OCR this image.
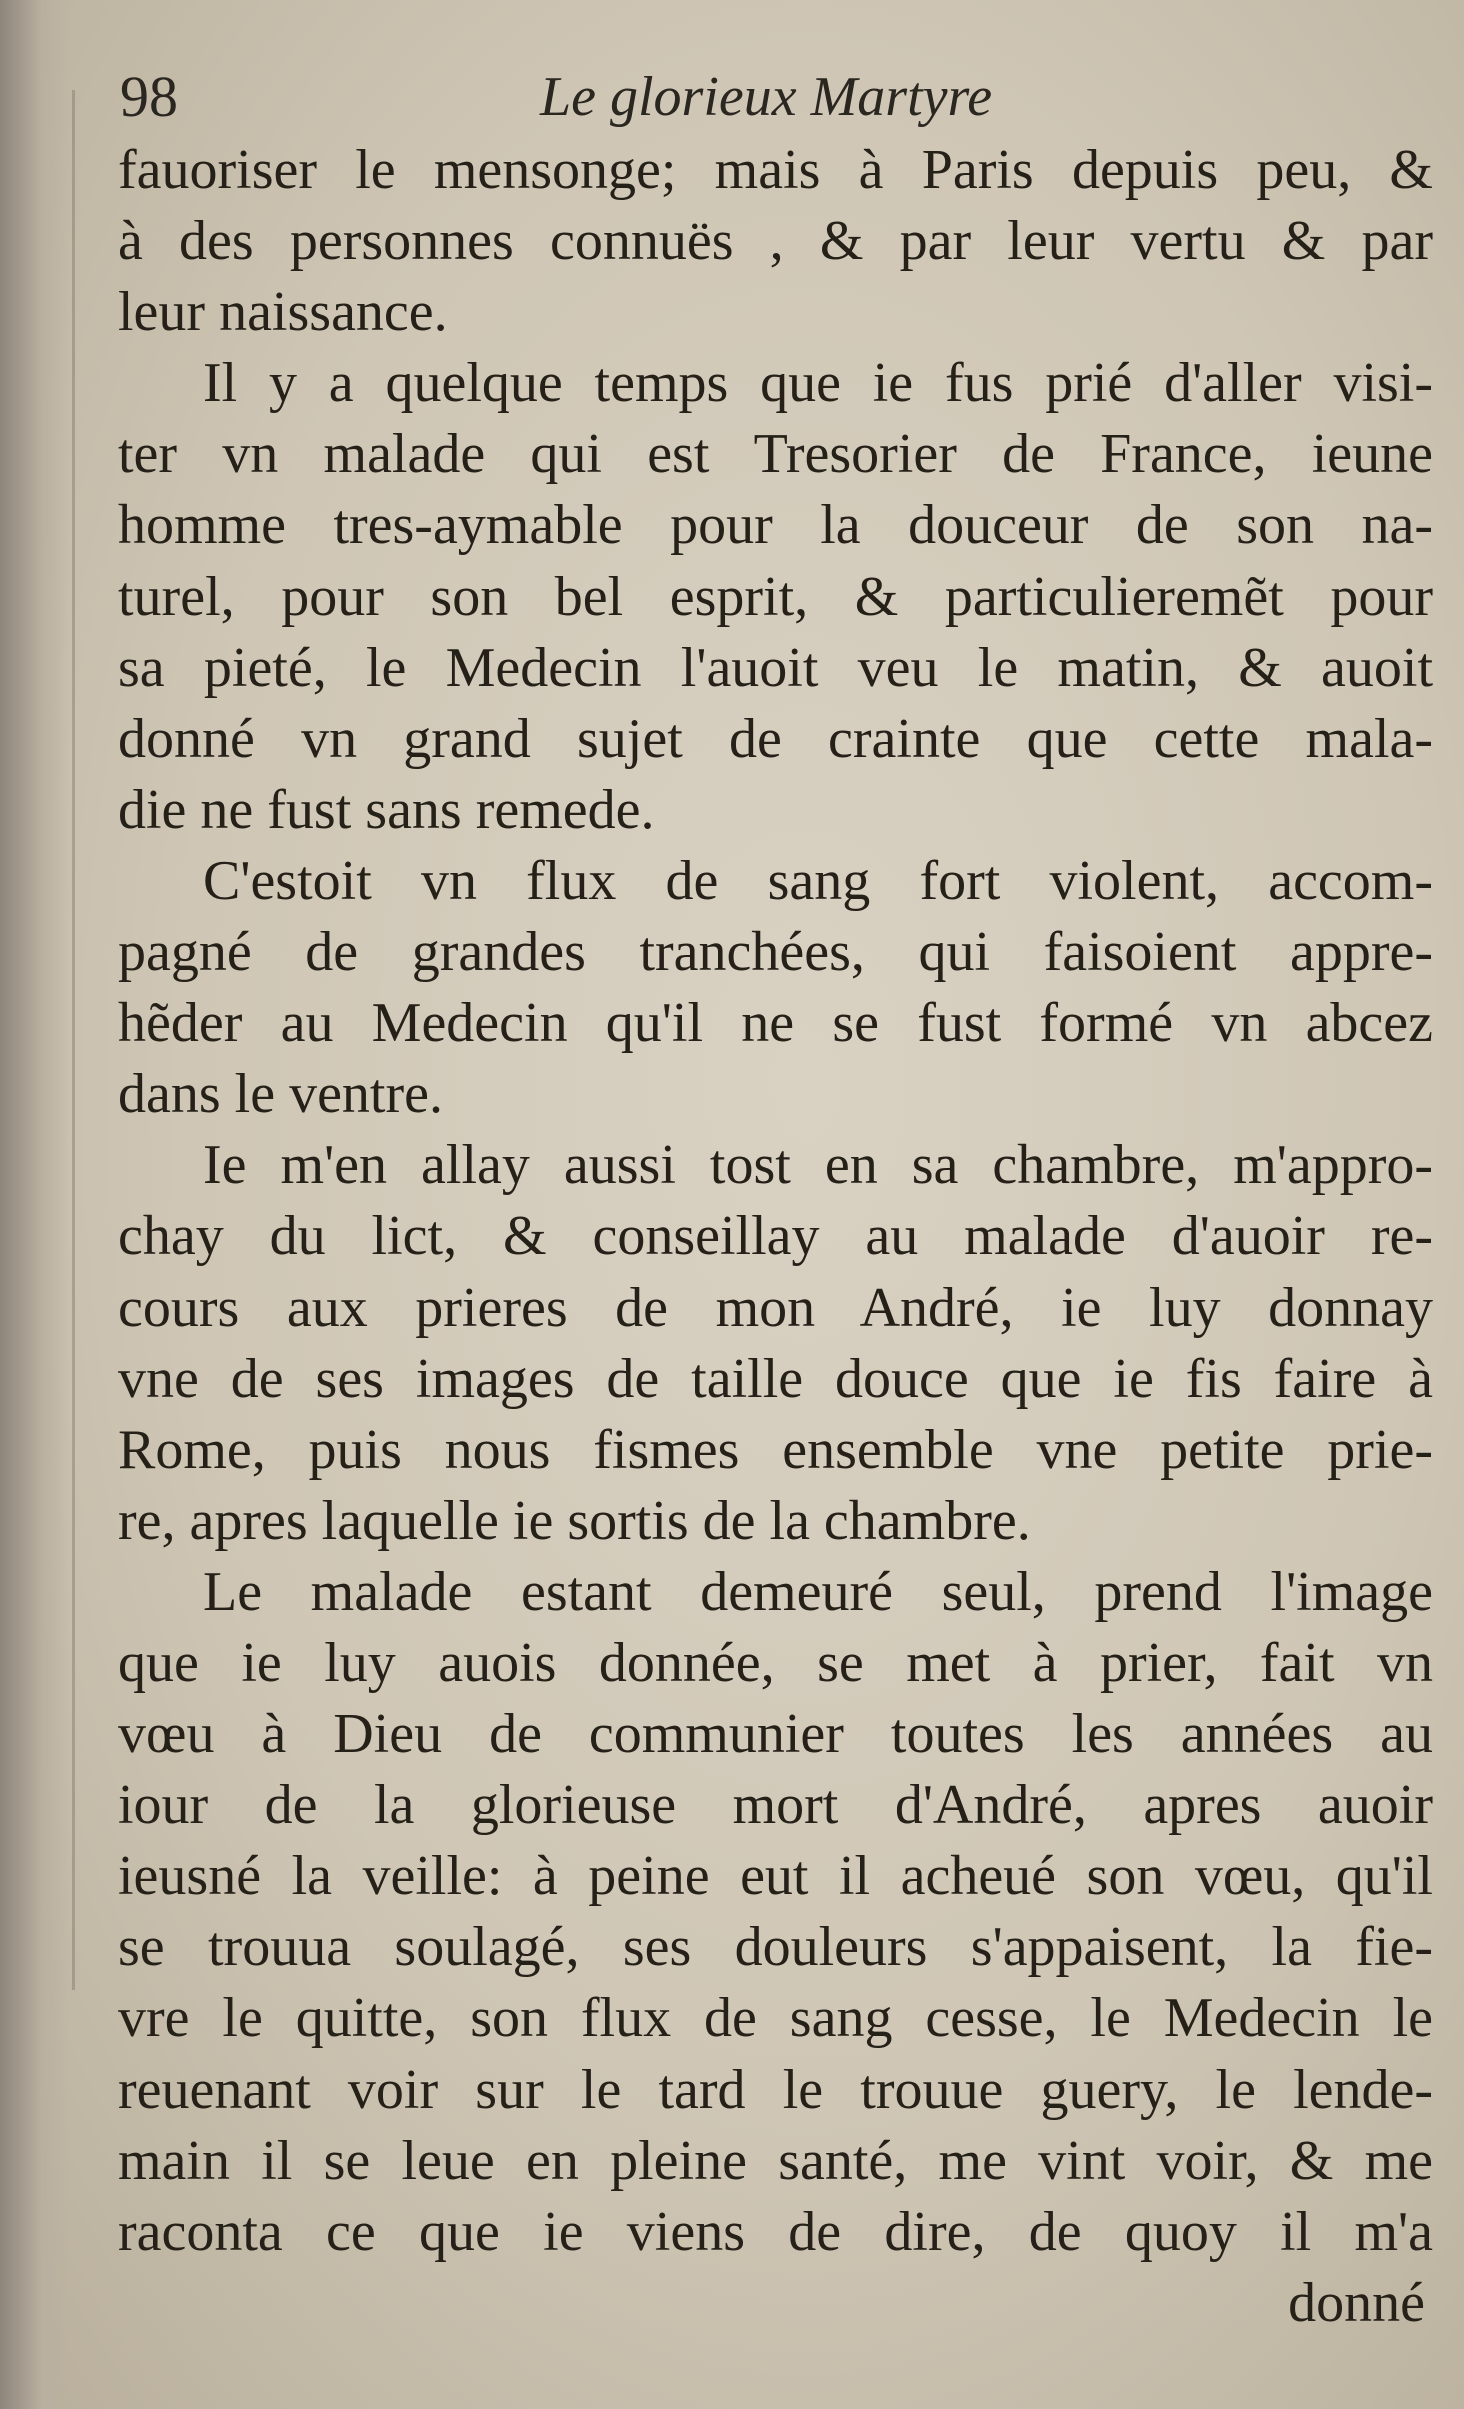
98	Le glorieux Martyre
fauoriser le mensonge; mais à Paris depuis peu, &
à des personnes connuës , & par leur vertu & par
leur naissance.
Il y a quelque temps que ie fus prié d'aller visi-
ter vn malade qui est Tresorier de France, ieune
homme tres-aymable pour la douceur de son na-
turel, pour son bel esprit, & particulieremẽt pour
sa pieté, le Medecin l'auoit veu le matin, & auoit
donné vn grand sujet de crainte que cette mala-
die ne fust sans remede.
C'estoit vn flux de sang fort violent, accom-
pagné de grandes tranchées, qui faisoient appre-
hẽder au Medecin qu'il ne se fust formé vn abcez
dans le ventre.
Ie m'en allay aussi tost en sa chambre, m'appro-
chay du lict, & conseillay au malade d'auoir re-
cours aux prieres de mon André, ie luy donnay
vne de ses images de taille douce que ie fis faire à
Rome, puis nous fismes ensemble vne petite prie-
re, apres laquelle ie sortis de la chambre.
Le malade estant demeuré seul, prend l'image
que ie luy auois donnée, se met à prier, fait vn
vœu à Dieu de communier toutes les années au
iour de la glorieuse mort d'André, apres auoir
ieusné la veille: à peine eut il acheué son vœu, qu'il
se trouua soulagé, ses douleurs s'appaisent, la fie-
vre le quitte, son flux de sang cesse, le Medecin le
reuenant voir sur le tard le trouue guery, le lende-
main il se leue en pleine santé, me vint voir, & me
raconta ce que ie viens de dire, de quoy il m'a
donné
